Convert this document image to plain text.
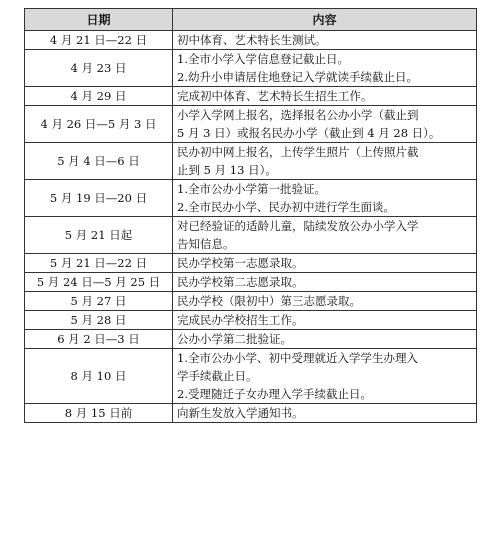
日期	内容
4 月 21 日—22 日	初中体育、艺术特长生测试。

4 月 23 日	1.全市小学入学信息登记截止日。
2.幼升小申请居住地登记入学就读手续截止日。

4 月 29 日	完成初中体育、艺术特长生招生工作。

4 月 26 日—5 月 3 日	小学入学网上报名，选择报名公办小学（截止到
5 月 3 日）或报名民办小学（截止到 4 月 28 日）。

5 月 4 日—6 日	民办初中网上报名，上传学生照片（上传照片截
止到 5 月 13 日）。

5 月 19 日—20 日	1.全市公办小学第一批验证。
2.全市民办小学、民办初中进行学生面谈。

5 月 21 日起	对已经验证的适龄儿童，陆续发放公办小学入学
告知信息。

5 月 21 日—22 日	民办学校第一志愿录取。

5 月 24 日—5 月 25 日	民办学校第二志愿录取。

5 月 27 日	民办学校（限初中）第三志愿录取。

5 月 28 日	完成民办学校招生工作。

6 月 2 日—3 日	公办小学第二批验证。

8 月 10 日	1.全市公办小学、初中受理就近入学学生办理入
学手续截止日。
2.受理随迁子女办理入学手续截止日。

8 月 15 日前	向新生发放入学通知书。
